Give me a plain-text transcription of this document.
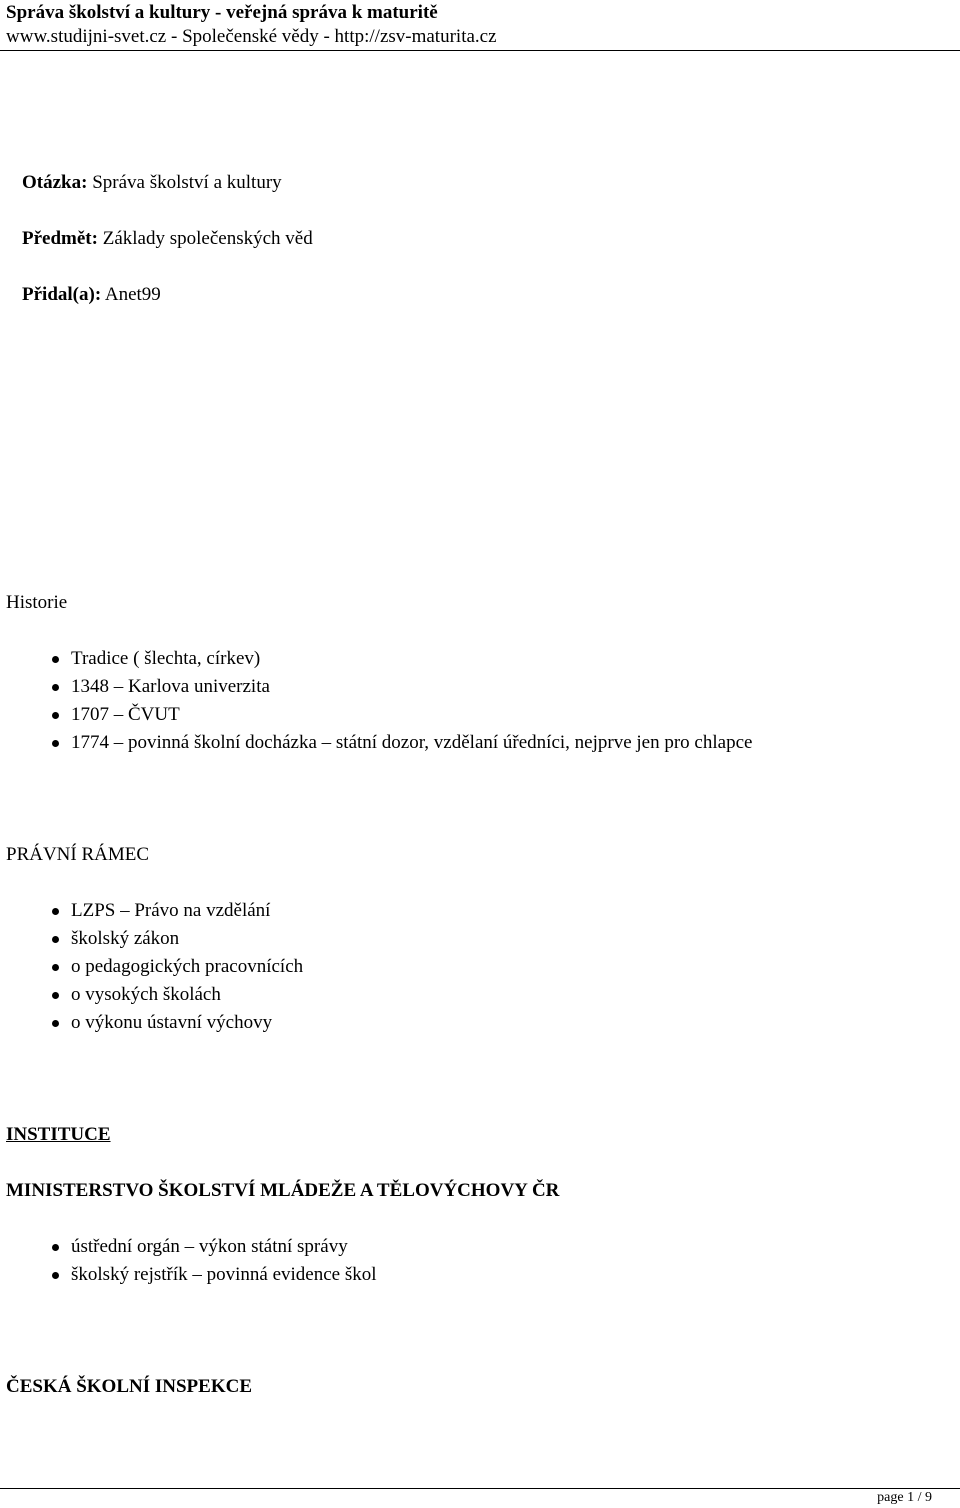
Správa školství a kultury - veřejná správa k maturitě
www.studijni-svet.cz - Společenské vědy - http://zsv-maturita.cz
Otázka: Správa školství a kultury
Předmět: Základy společenských věd
Přidal(a): Anet99
Historie
Tradice ( šlechta, církev)
1348 – Karlova univerzita
1707 – ČVUT
1774 – povinná školní docházka – státní dozor, vzdělaní úředníci, nejprve jen pro chlapce
PRÁVNÍ RÁMEC
LZPS – Právo na vzdělání
školský zákon
o pedagogických pracovnících
o vysokých školách
o výkonu ústavní výchovy
INSTITUCE
MINISTERSTVO ŠKOLSTVÍ MLÁDEŽE A TĚLOVÝCHOVY ČR
ústřední orgán – výkon státní správy
školský rejstřík – povinná evidence škol
ČESKÁ ŠKOLNÍ INSPEKCE
page 1 / 9
